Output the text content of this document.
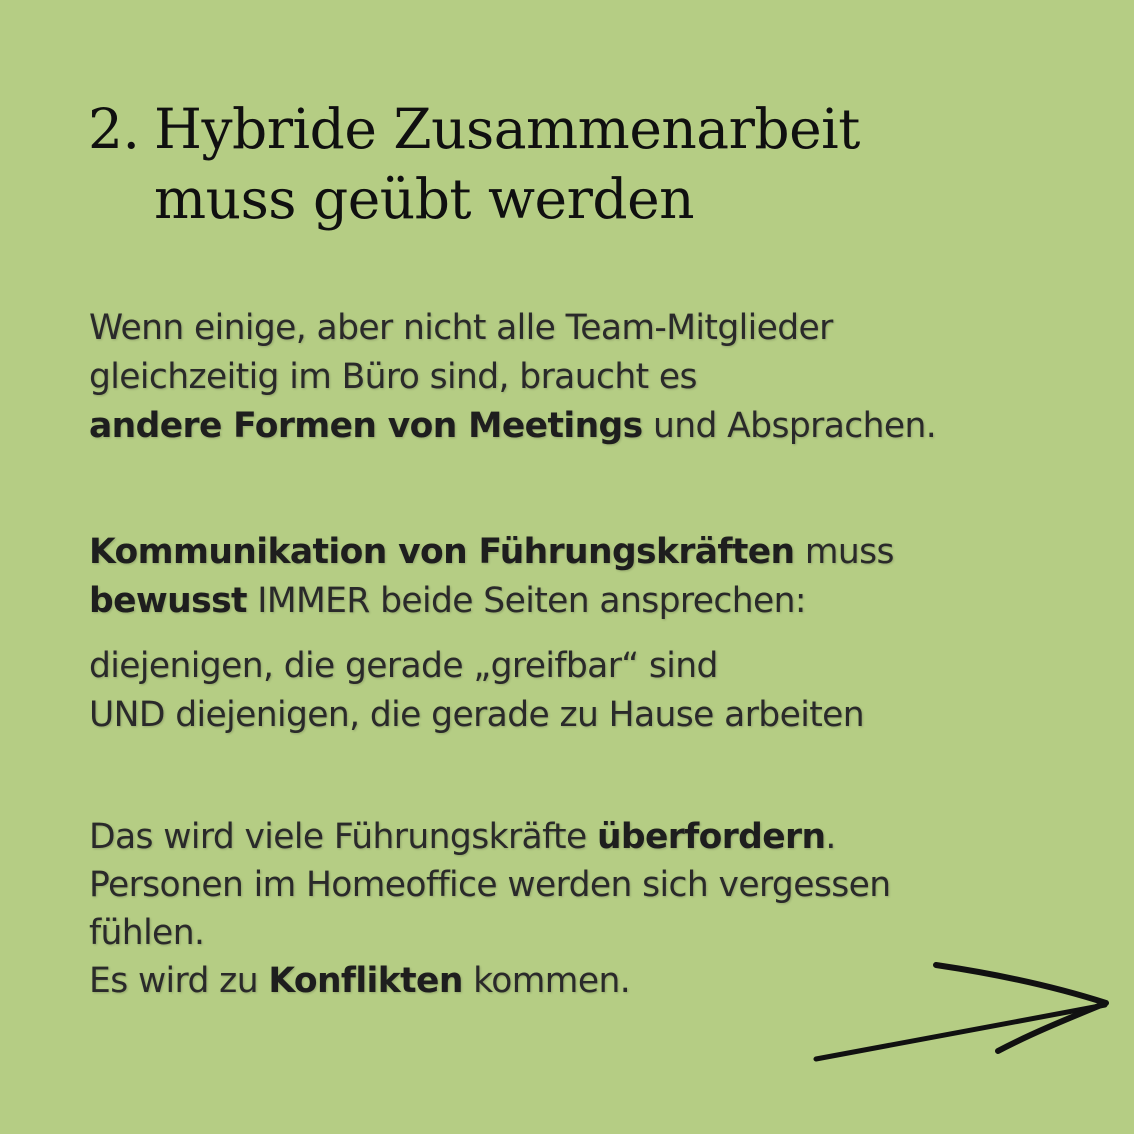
2. Hybride Zusammenarbeit
muss geübt werden

Wenn einige, aber nicht alle Team-Mitglieder
gleichzeitig im Büro sind, braucht es
andere Formen von Meetings und Absprachen.

Kommunikation von Führungskräften muss
bewusst IMMER beide Seiten ansprechen:

diejenigen, die gerade „greifbar“ sind
UND diejenigen, die gerade zu Hause arbeiten

Das wird viele Führungskräfte überfordern.
Personen im Homeoffice werden sich vergessen
fühlen.
Es wird zu Konflikten kommen.
